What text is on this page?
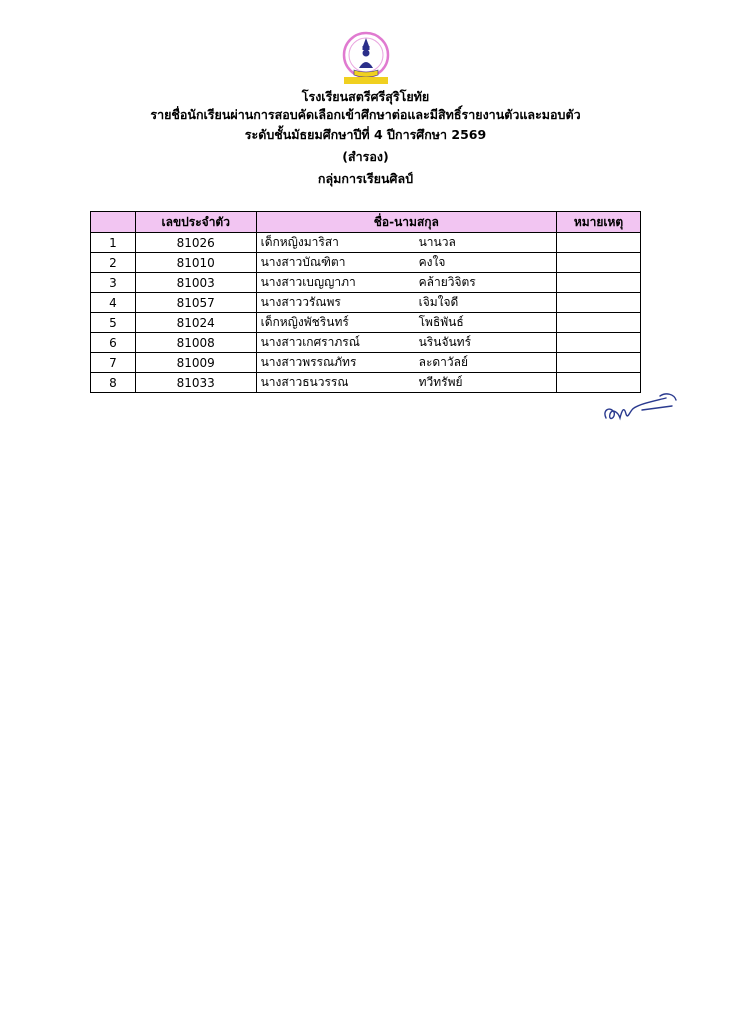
โรงเรียนสตรีศรีสุริโยทัย
รายชื่อนักเรียนผ่านการสอบคัดเลือกเข้าศึกษาต่อและมีสิทธิ์รายงานตัวและมอบตัว
ระดับชั้นมัธยมศึกษาปีที่ 4 ปีการศึกษา 2569
(สำรอง)
กลุ่มการเรียนศิลป์
	เลขประจำตัว	ชื่อ-นามสกุล	หมายเหตุ
1	81026	เด็กหญิงมาริสา นานวล	
2	81010	นางสาวบัณฑิตา คงใจ	
3	81003	นางสาวเบญญาภา คล้ายวิจิตร	
4	81057	นางสาววรัณพร เจิมใจดี	
5	81024	เด็กหญิงพัชรินทร์ โพธิพันธ์	
6	81008	นางสาวเกศราภรณ์ นรินจันทร์	
7	81009	นางสาวพรรณภัทร ละดาวัลย์	
8	81033	นางสาวธนวรรณ ทวีทรัพย์	
